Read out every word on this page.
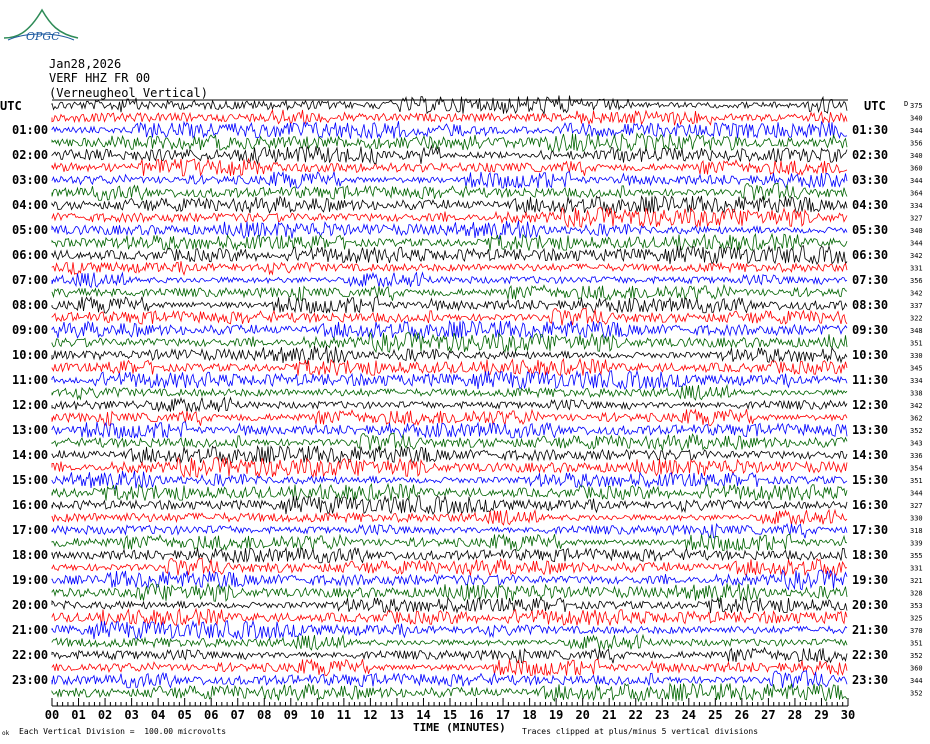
375
340
344
356
340
360
344
364
334
327
340
344
342
331
356
342
337
322
348
351
330
345
334
338
342
362
352
343
336
354
351
344
327
330
318
339
355
331
321
328
353
325
370
351
352
360
344
352
UTC	UTC	D
01:00
02:00
03:00
04:00
05:00
06:00
07:00
08:00
09:00
10:00
11:00
12:00
13:00
14:00
15:00
16:00
17:00
18:00
19:00
20:00
21:00
22:00
23:00
01:30
02:30
03:30
04:30
05:30
06:30
07:30
08:30
09:30
10:30
11:30
12:30
13:30
14:30
15:30
16:30
17:30
18:30
19:30
20:30
21:30
22:30
23:30
00 01 02 03 04 05 06 07 08 09 10 11 12 13 14 15 16 17 18 19 20 21 22 23 24 25 26 27 28 29 30
OPGC
Jan28,2026
VERF HHZ FR 00
(Verneugheol Vertical)
TIME (MINUTES)
Each Vertical Division =  100.00 microvolts	Traces clipped at plus/minus 5 vertical divisions
ok
